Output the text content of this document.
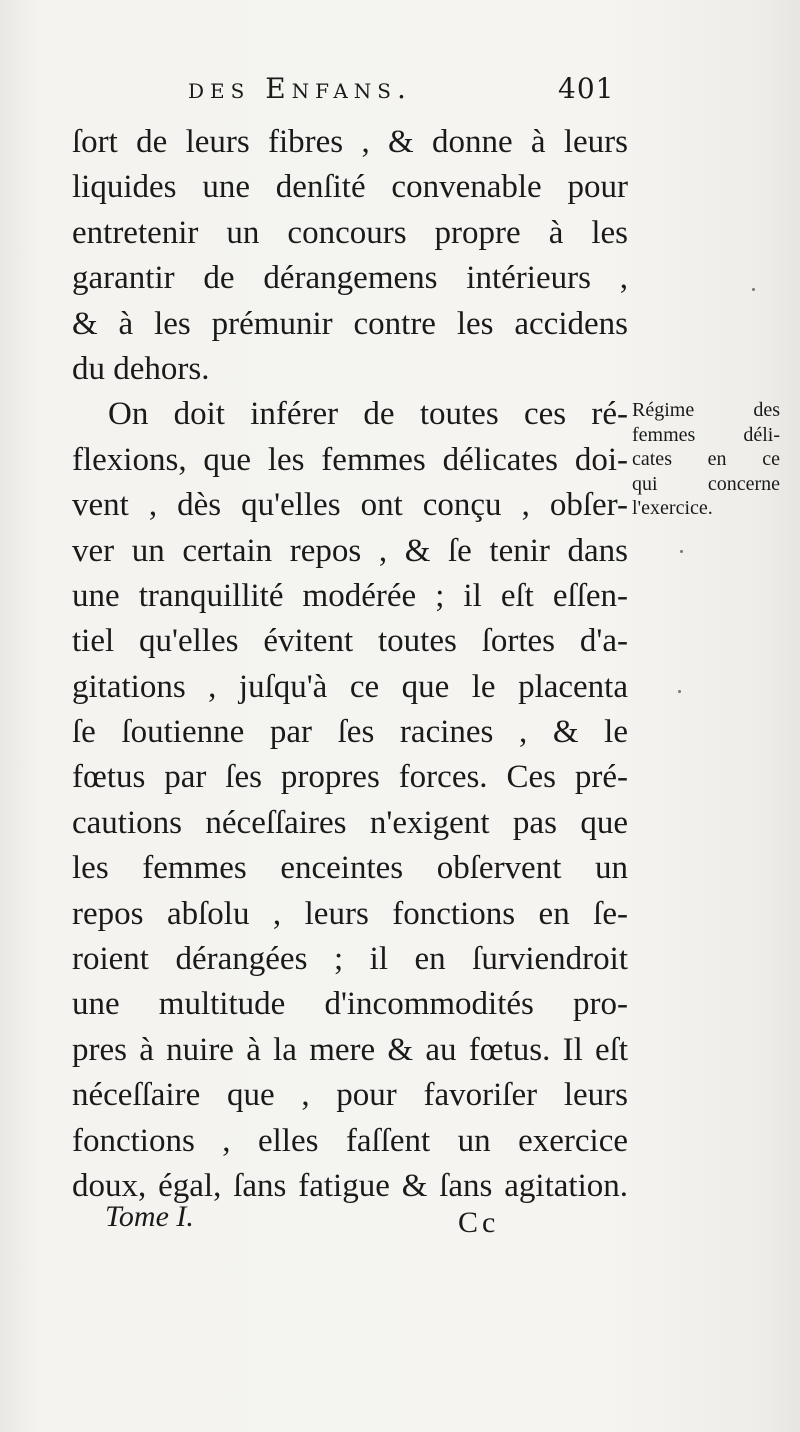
des Enfans.	401
ſort de leurs fibres , & donne à leurs
liquides une denſité convenable pour
entretenir un concours propre à les
garantir de dérangemens intérieurs ,
& à les prémunir contre les accidens
du dehors.
On doit inférer de toutes ces ré-
flexions, que les femmes délicates doi-
vent , dès qu'elles ont conçu , obſer-
ver un certain repos , & ſe tenir dans
une tranquillité modérée ; il eſt eſſen-
tiel qu'elles évitent toutes ſortes d'a-
gitations , juſqu'à ce que le placenta
ſe ſoutienne par ſes racines , & le
fœtus par ſes propres forces. Ces pré-
cautions néceſſaires n'exigent pas que
les femmes enceintes obſervent un
repos abſolu , leurs fonctions en ſe-
roient dérangées ; il en ſurviendroit
une multitude d'incommodités pro-
pres à nuire à la mere & au fœtus. Il eſt
néceſſaire que , pour favoriſer leurs
fonctions , elles faſſent un exercice
doux, égal, ſans fatigue & ſans agitation.
Régime des
femmes déli-
cates en ce
qui concerne
l'exercice.
Tome I.	Cc
